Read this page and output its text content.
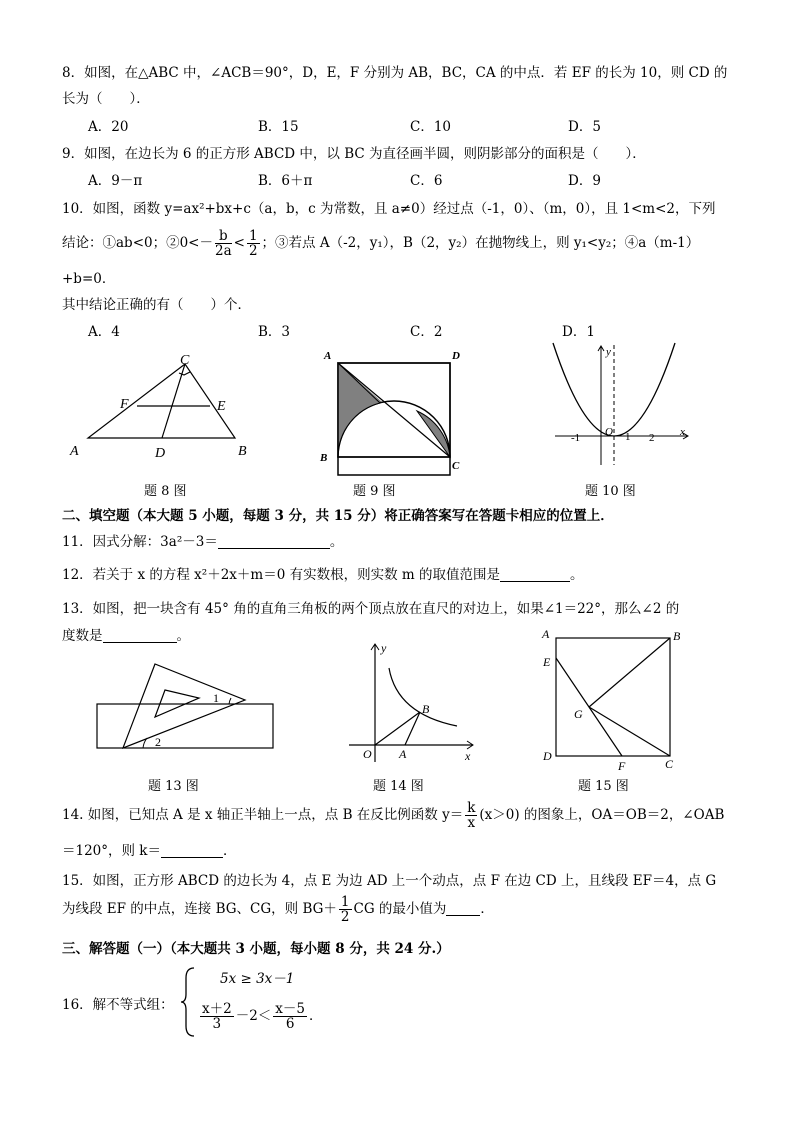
8．如图，在△ABC 中，∠ACB＝90°，D，E，F 分别为 AB，BC，CA 的中点．若 EF 的长为 10，则 CD 的
长为（　　）．
A．20	B．15	C．10	D．5
9．如图，在边长为 6 的正方形 ABCD 中，以 BC 为直径画半圆，则阴影部分的面积是（　　）．
A．9－π	B．6＋π	C．6	D．9
10．如图，函数 y=ax²+bx+c（a，b，c 为常数，且 a≠0）经过点（-1，0）、（m，0），且 1<m<2，下列
结论：①ab<0；②0<－ $\frac{b}{2a} < \frac{1}{2}$ ；③若点 A（-2，y₁），B（2，y₂）在抛物线上，则 y₁<y₂；④a（m-1）
+b=0．
其中结论正确的有（　　）个．
A．4	B．3	C．2	D．1
A	B
C
D
E
F
题 8 图
A
B
C
D
题 9 图
y
x
O
-1	1 2
题 10 图
二、填空题（本大题 5 小题，每题 3 分，共 15 分）将正确答案写在答题卡相应的位置上．
11．因式分解：3a²－3＝	。
12．若关于 x 的方程 x²＋2x＋m＝0 有实数根，则实数 m 的取值范围是	。
13．如图，把一块含有 45° 角的直角三角板的两个顶点放在直尺的对边上，如果∠1＝22°，那么∠2 的
度数是	。
1
2
题 13 图
y
x
O A
B
题 14 图
A	B
C
D
E
F
G
题 15 图
14. 如图，已知点 A 是 x 轴正半轴上一点，点 B 在反比例函数 $y= \frac{k}{x} (x>0)$ 的图象上，OA＝OB＝2，∠OAB
＝120°，则 k＝	．
15．如图，正方形 ABCD 的边长为 4，点 E 为边 AD 上一个动点，点 F 在边 CD 上，且线段 EF＝4，点 G
为线段 EF 的中点，连接 BG、CG，则 $BG+ \frac{1}{2}$ CG 的最小值为	．
三、解答题（一）（本大题共 3 小题，每小题 8 分，共 24 分.）
16．解不等式组：
5x ≥ 3x－1
$\frac{x+2}{3} -2< \frac{x-5}{6}$ ．
